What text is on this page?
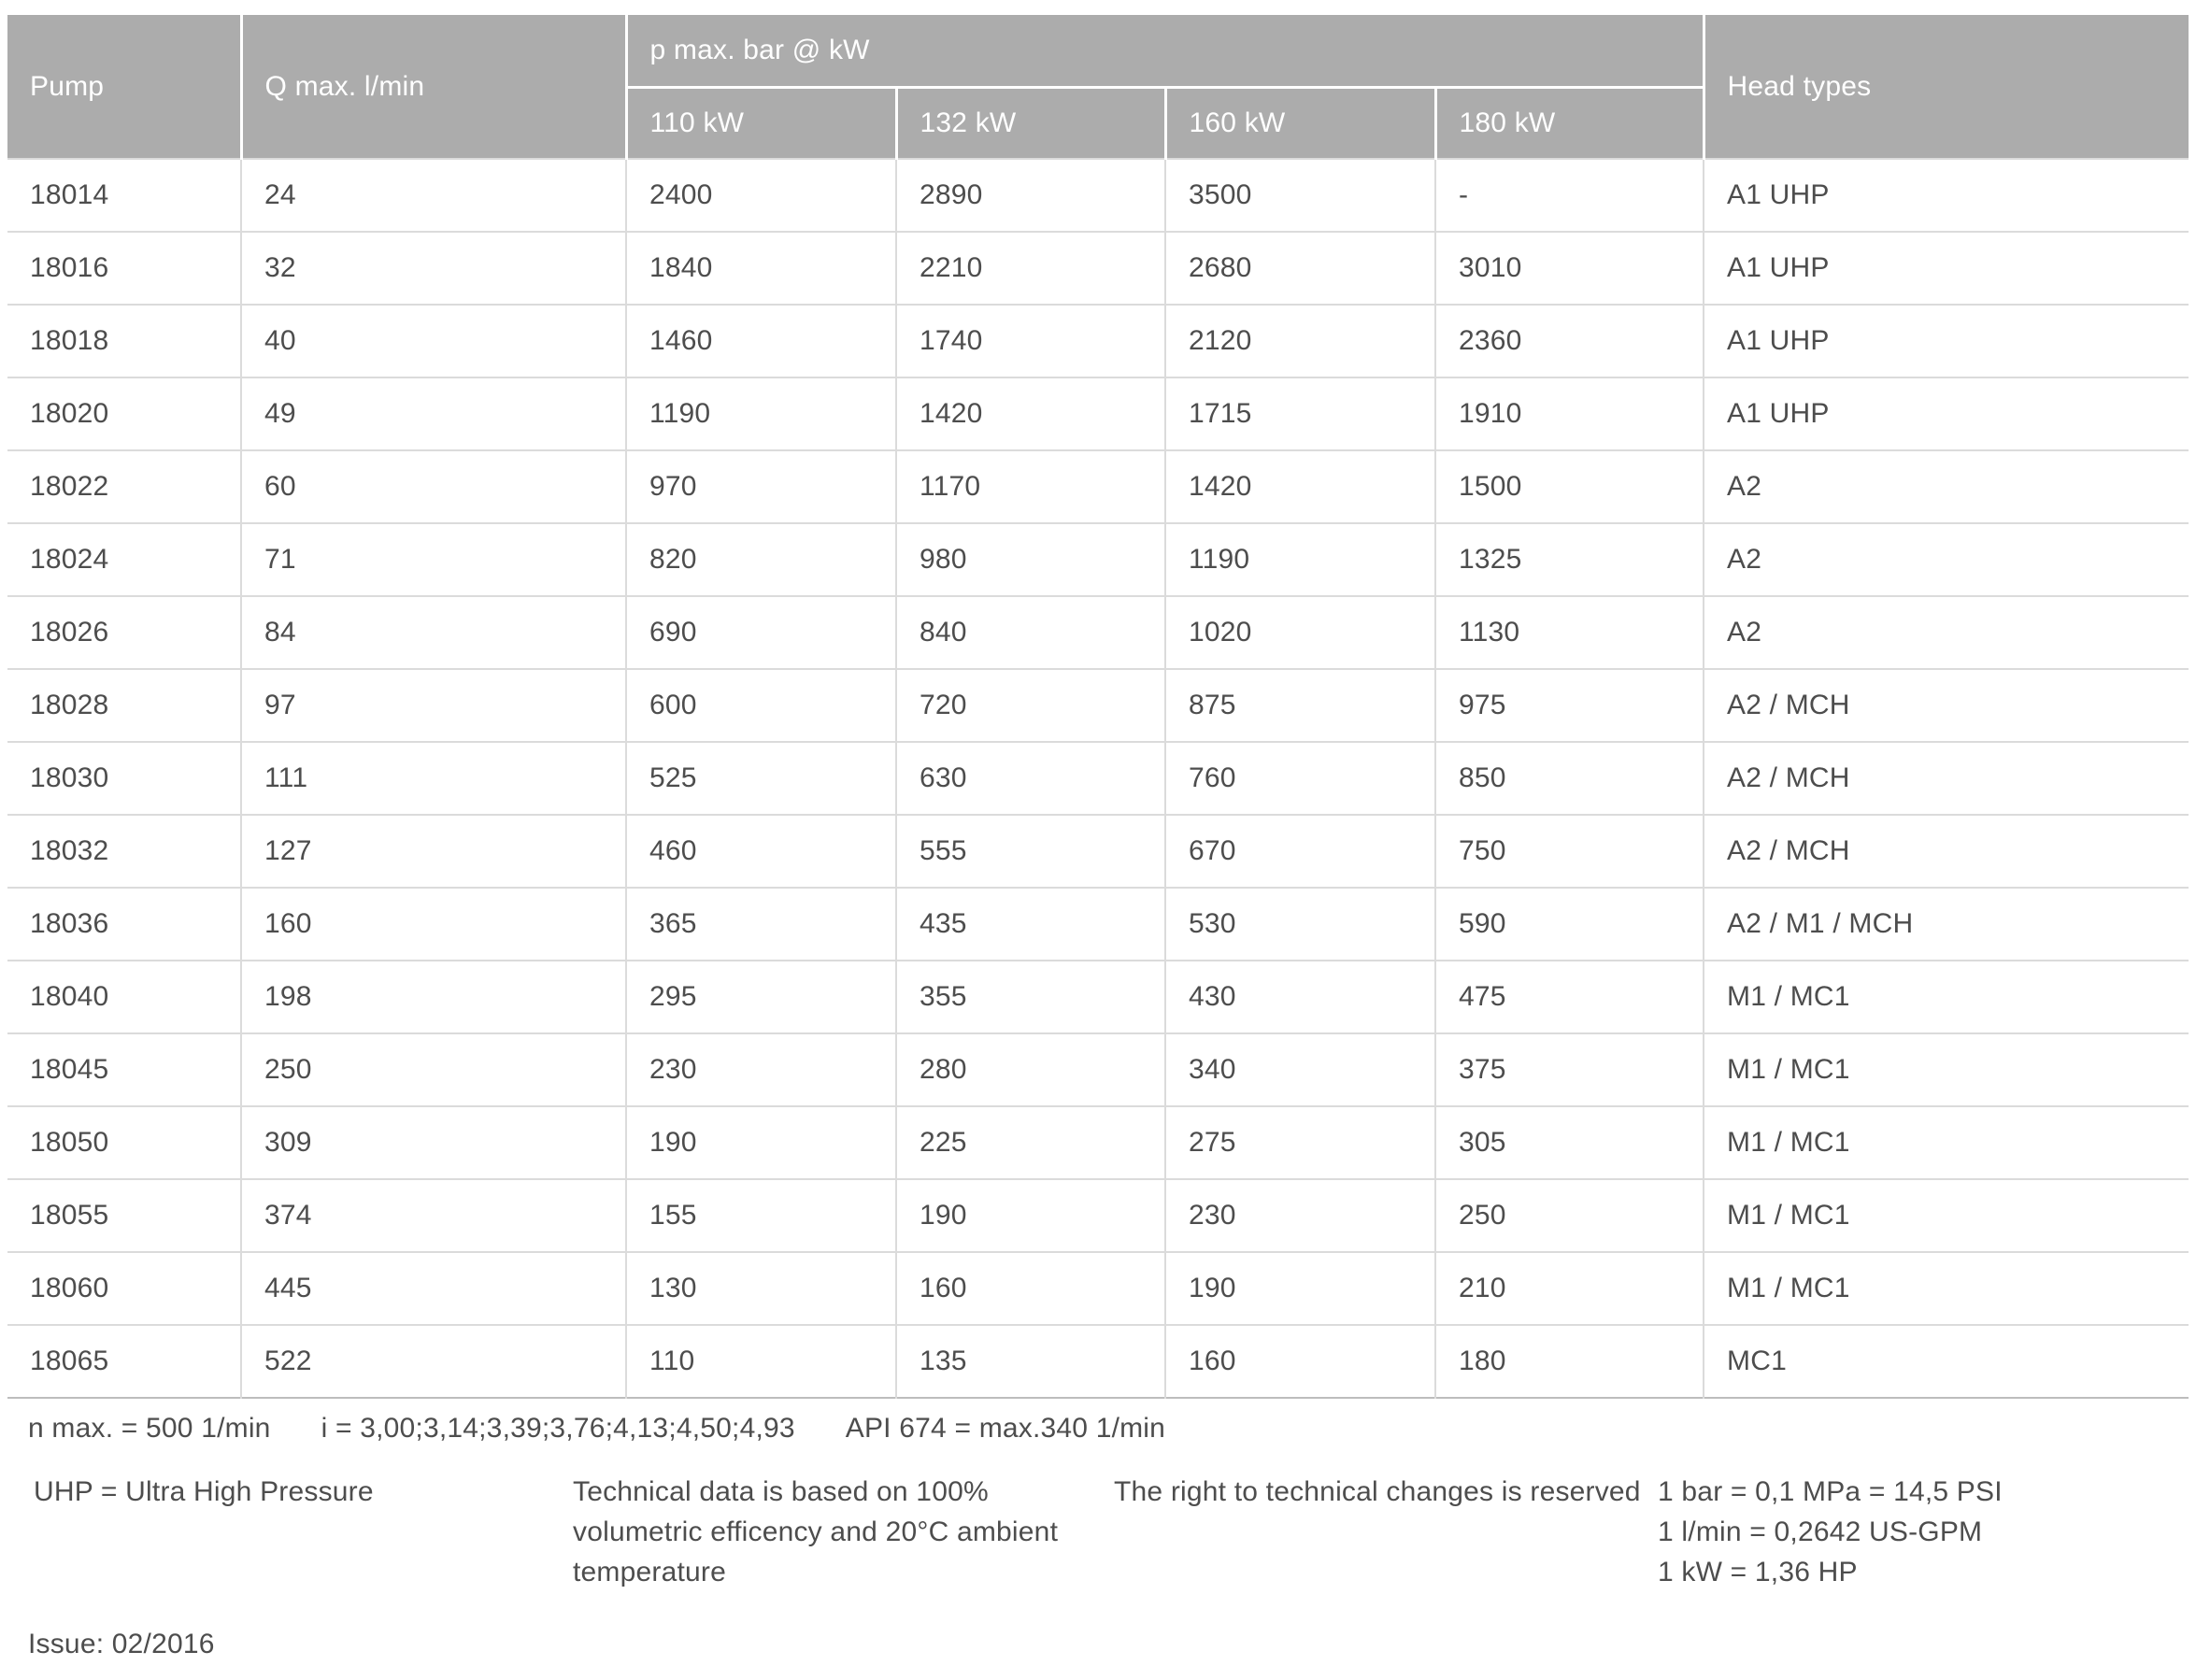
Pump	Q max. l/min	p max. bar @ kW				Head types
		110 kW	132 kW	160 kW	180 kW	
18014	24	2400	2890	3500	-	A1 UHP
18016	32	1840	2210	2680	3010	A1 UHP
18018	40	1460	1740	2120	2360	A1 UHP
18020	49	1190	1420	1715	1910	A1 UHP
18022	60	970	1170	1420	1500	A2
18024	71	820	980	1190	1325	A2
18026	84	690	840	1020	1130	A2
18028	97	600	720	875	975	A2 / MCH
18030	111	525	630	760	850	A2 / MCH
18032	127	460	555	670	750	A2 / MCH
18036	160	365	435	530	590	A2 / M1 / MCH
18040	198	295	355	430	475	M1 / MC1
18045	250	230	280	340	375	M1 / MC1
18050	309	190	225	275	305	M1 / MC1
18055	374	155	190	230	250	M1 / MC1
18060	445	130	160	190	210	M1 / MC1
18065	522	110	135	160	180	MC1
n max. = 500 1/min i = 3,00;3,14;3,39;3,76;4,13;4,50;4,93 API 674 = max.340 1/min
UHP = Ultra High Pressure	Technical data is based on 100% volumetric efficency and 20°C ambient temperature
The right to technical changes is reserved 1 bar = 0,1 MPa = 14,5 PSI
1 l/min = 0,2642 US-GPM
1 kW = 1,36 HP
Issue: 02/2016
